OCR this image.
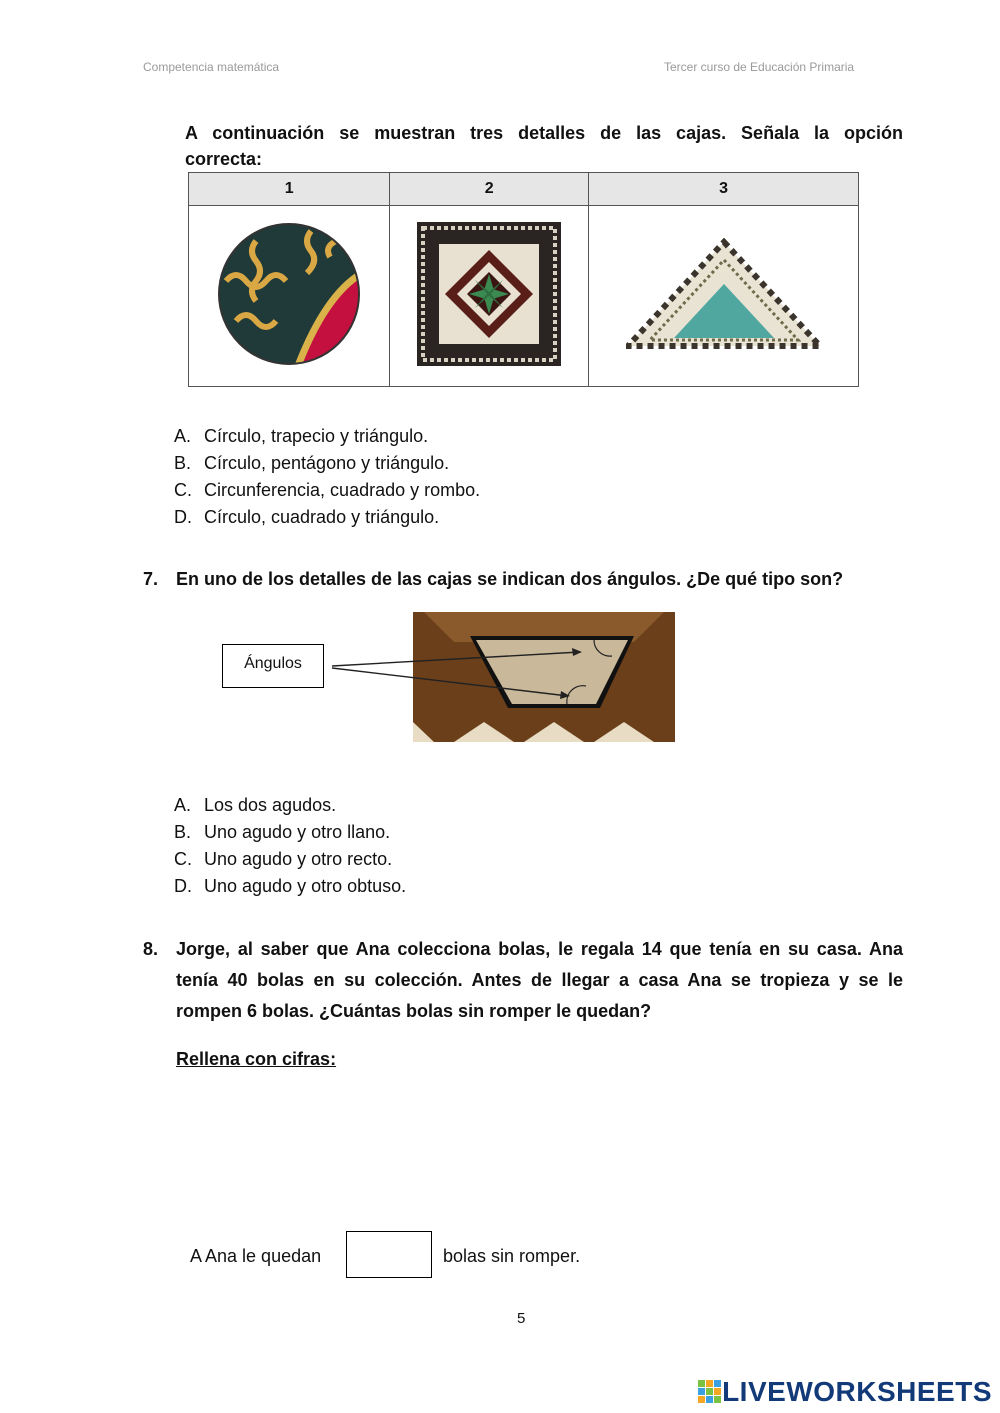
Competencia matemática	Tercer curso de Educación Primaria
A continuación se muestran tres detalles de las cajas. Señala la opción
correcta:
1	2	3

A. Círculo, trapecio y triángulo.
B. Círculo, pentágono y triángulo.
C. Circunferencia, cuadrado y rombo.
D. Círculo, cuadrado y triángulo.
7. En uno de los detalles de las cajas se indican dos ángulos. ¿De qué tipo son?
Ángulos
A. Los dos agudos.
B. Uno agudo y otro llano.
C. Uno agudo y otro recto.
D. Uno agudo y otro obtuso.
8. Jorge, al saber que Ana colecciona bolas, le regala 14 que tenía en su casa. Ana
tenía 40 bolas en su colección. Antes de llegar a casa Ana se tropieza y se le
rompen 6 bolas. ¿Cuántas bolas sin romper le quedan?
Rellena con cifras:
A Ana le quedan	bolas sin romper.
5
LIVEWORKSHEETS
